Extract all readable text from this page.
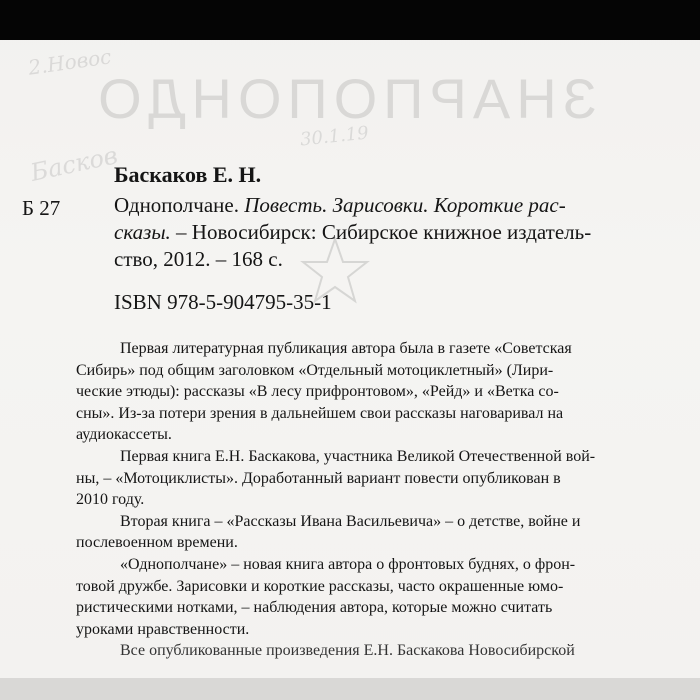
ЗНАРПОПОНДО
2.Новос
30.1.19
Басков
Баскаков Е. Н.
Б 27	Однополчане. Повесть. Зарисовки. Короткие рас-
сказы. – Новосибирск: Сибирское книжное издатель-
ство, 2012. – 168 с.
ISBN 978-5-904795-35-1
Первая литературная публикация автора была в газете «Советская
Сибирь» под общим заголовком «Отдельный мотоциклетный» (Лири-
ческие этюды): рассказы «В лесу прифронтовом», «Рейд» и «Ветка со-
сны». Из-за потери зрения в дальнейшем свои рассказы наговаривал на
аудиокассеты.
Первая книга Е.Н. Баскакова, участника Великой Отечественной вой-
ны, – «Мотоциклисты». Доработанный вариант повести опубликован в
2010 году.
Вторая книга – «Рассказы Ивана Васильевича» – о детстве, войне и
послевоенном времени.
«Однополчане» – новая книга автора о фронтовых буднях, о фрон-
товой дружбе. Зарисовки и короткие рассказы, часто окрашенные юмо-
ристическими нотками, – наблюдения автора, которые можно считать
уроками нравственности.
Все опубликованные произведения Е.Н. Баскакова Новосибирской
